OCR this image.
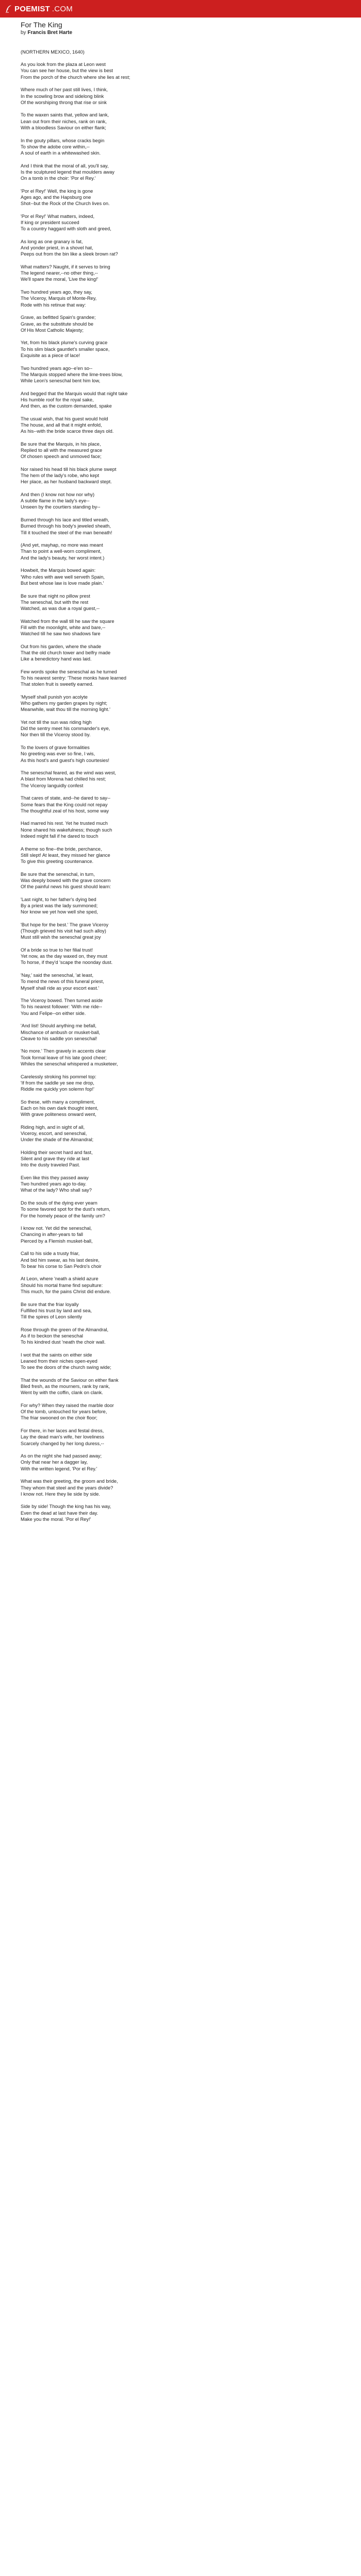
POEMIST .COM
For The King
by Francis Bret Harte
(NORTHERN MEXICO, 1640)
As you look from the plaza at Leon west
You can see her house, but the view is best
From the porch of the church where she lies at rest;
Where much of her past still lives, I think,
In the scowling brow and sidelong blink
Of the worshiping throng that rise or sink
To the waxen saints that, yellow and lank,
Lean out from their niches, rank on rank,
With a bloodless Saviour on either flank;
In the gouty pillars, whose cracks begin
To show the adobe core within,--
A soul of earth in a whitewashed skin.
And I think that the moral of all, you'll say,
Is the sculptured legend that moulders away
On a tomb in the choir: 'Por el Rey.'
'Por el Rey!' Well, the king is gone
Ages ago, and the Hapsburg one
Shot--but the Rock of the Church lives on.
'Por el Rey!' What matters, indeed,
If king or president succeed
To a country haggard with sloth and greed,
As long as one granary is fat,
And yonder priest, in a shovel hat,
Peeps out from the bin like a sleek brown rat?
What matters? Naught, if it serves to bring
The legend nearer,--no other thing,--
We'll spare the moral, 'Live the king!'
Two hundred years ago, they say,
The Viceroy, Marquis of Monte-Rey,
Rode with his retinue that way:
Grave, as befitted Spain's grandee;
Grave, as the substitute should be
Of His Most Catholic Majesty;
Yet, from his black plume's curving grace
To his slim black gauntlet's smaller space,
Exquisite as a piece of lace!
Two hundred years ago--e'en so--
The Marquis stopped where the lime-trees blow,
While Leon's seneschal bent him low,
And begged that the Marquis would that night take
His humble roof for the royal sake,
And then, as the custom demanded, spake
The usual wish, that his guest would hold
The house, and all that it might enfold,
As his--with the bride scarce three days old.
Be sure that the Marquis, in his place,
Replied to all with the measured grace
Of chosen speech and unmoved face;
Nor raised his head till his black plume swept
The hem of the lady's robe, who kept
Her place, as her husband backward stept.
And then (I know not how nor why)
A subtle flame in the lady's eye--
Unseen by the courtiers standing by--
Burned through his lace and titled wreath,
Burned through his body's jeweled sheath,
Till it touched the steel of the man beneath!
(And yet, mayhap, no more was meant
Than to point a well-worn compliment,
And the lady's beauty, her worst intent.)
Howbeit, the Marquis bowed again:
'Who rules with awe well serveth Spain,
But best whose law is love made plain.'
Be sure that night no pillow prest
The seneschal, but with the rest
Watched, as was due a royal guest,--
Watched from the wall till he saw the square
Fill with the moonlight, white and bare,--
Watched till he saw two shadows fare
Out from his garden, where the shade
That the old church tower and belfry made
Like a benedictory hand was laid.
Few words spoke the seneschal as he turned
To his nearest sentry: 'These monks have learned
That stolen fruit is sweetly earned.
'Myself shall punish yon acolyte
Who gathers my garden grapes by night;
Meanwhile, wait thou till the morning light.'
Yet not till the sun was riding high
Did the sentry meet his commander's eye,
Nor then till the Viceroy stood by.
To the lovers of grave formalities
No greeting was ever so fine, I wis,
As this host's and guest's high courtesies!
The seneschal feared, as the wind was west,
A blast from Morena had chilled his rest;
The Viceroy languidly confest
That cares of state, and--he dared to say--
Some fears that the King could not repay
The thoughtful zeal of his host, some way
Had marred his rest. Yet he trusted much
None shared his wakefulness; though such
Indeed might fall if he dared to touch
A theme so fine--the bride, perchance,
Still slept! At least, they missed her glance
To give this greeting countenance.
Be sure that the seneschal, in turn,
Was deeply bowed with the grave concern
Of the painful news his guest should learn:
'Last night, to her father's dying bed
By a priest was the lady summoned;
Nor know we yet how well she sped,
'But hope for the best.' The grave Viceroy
(Though grieved his visit had such alloy)
Must still wish the seneschal great joy
Of a bride so true to her filial trust!
Yet now, as the day waxed on, they must
To horse, if they'd 'scape the noonday dust.
'Nay,' said the seneschal, 'at least,
To mend the news of this funeral priest,
Myself shall ride as your escort east.'
The Viceroy bowed. Then turned aside
To his nearest follower: 'With me ride--
You and Felipe--on either side.
'And list! Should anything me befall,
Mischance of ambush or musket-ball,
Cleave to his saddle yon seneschal!
'No more.' Then gravely in accents clear
Took formal leave of his late good cheer;
Whiles the seneschal whispered a musketeer,
Carelessly stroking his pommel top:
'If from the saddle ye see me drop,
Riddle me quickly yon solemn fop!'
So these, with many a compliment,
Each on his own dark thought intent,
With grave politeness onward went,
Riding high, and in sight of all,
Viceroy, escort, and seneschal,
Under the shade of the Almandral;
Holding their secret hard and fast,
Silent and grave they ride at last
Into the dusty traveled Past.
Even like this they passed away
Two hundred years ago to-day.
What of the lady? Who shall say?
Do the souls of the dying ever yearn
To some favored spot for the dust's return,
For the homely peace of the family urn?
I know not. Yet did the seneschal,
Chancing in after-years to fall
Pierced by a Flemish musket-ball,
Call to his side a trusty friar,
And bid him swear, as his last desire,
To bear his corse to San Pedro's choir
At Leon, where 'neath a shield azure
Should his mortal frame find sepulture:
This much, for the pains Christ did endure.
Be sure that the friar loyally
Fulfilled his trust by land and sea,
Till the spires of Leon silently
Rose through the green of the Almandral,
As if to beckon the seneschal
To his kindred dust 'neath the choir wall.
I wot that the saints on either side
Leaned from their niches open-eyed
To see the doors of the church swing wide;
That the wounds of the Saviour on either flank
Bled fresh, as the mourners, rank by rank,
Went by with the coffin, clank on clank.
For why? When they raised the marble door
Of the tomb, untouched for years before,
The friar swooned on the choir floor;
For there, in her laces and festal dress,
Lay the dead man's wife, her loveliness
Scarcely changed by her long duress,--
As on the night she had passed away;
Only that near her a dagger lay,
With the written legend, 'Por el Rey.'
What was their greeting, the groom and bride,
They whom that steel and the years divide?
I know not. Here they lie side by side.
Side by side! Though the king has his way,
Even the dead at last have their day.
Make you the moral. 'Por el Rey!'
